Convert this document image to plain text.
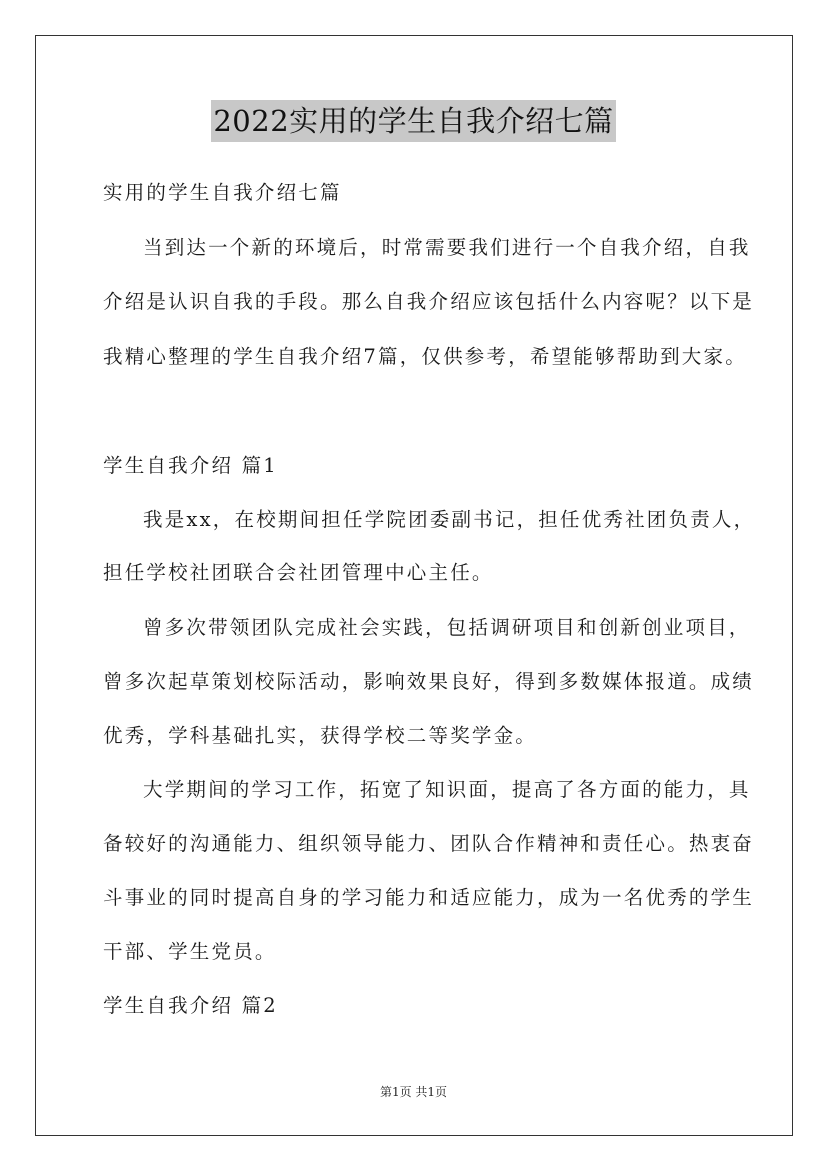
2022实用的学生自我介绍七篇
实用的学生自我介绍七篇
当到达一个新的环境后，时常需要我们进行一个自我介绍，自我
介绍是认识自我的手段。那么自我介绍应该包括什么内容呢？以下是
我精心整理的学生自我介绍7篇，仅供参考，希望能够帮助到大家。
学生自我介绍 篇1
我是xx，在校期间担任学院团委副书记，担任优秀社团负责人，
担任学校社团联合会社团管理中心主任。
曾多次带领团队完成社会实践，包括调研项目和创新创业项目，
曾多次起草策划校际活动，影响效果良好，得到多数媒体报道。成绩
优秀，学科基础扎实，获得学校二等奖学金。
大学期间的学习工作，拓宽了知识面，提高了各方面的能力，具
备较好的沟通能力、组织领导能力、团队合作精神和责任心。热衷奋
斗事业的同时提高自身的学习能力和适应能力，成为一名优秀的学生
干部、学生党员。
学生自我介绍 篇2
第1页 共1页
